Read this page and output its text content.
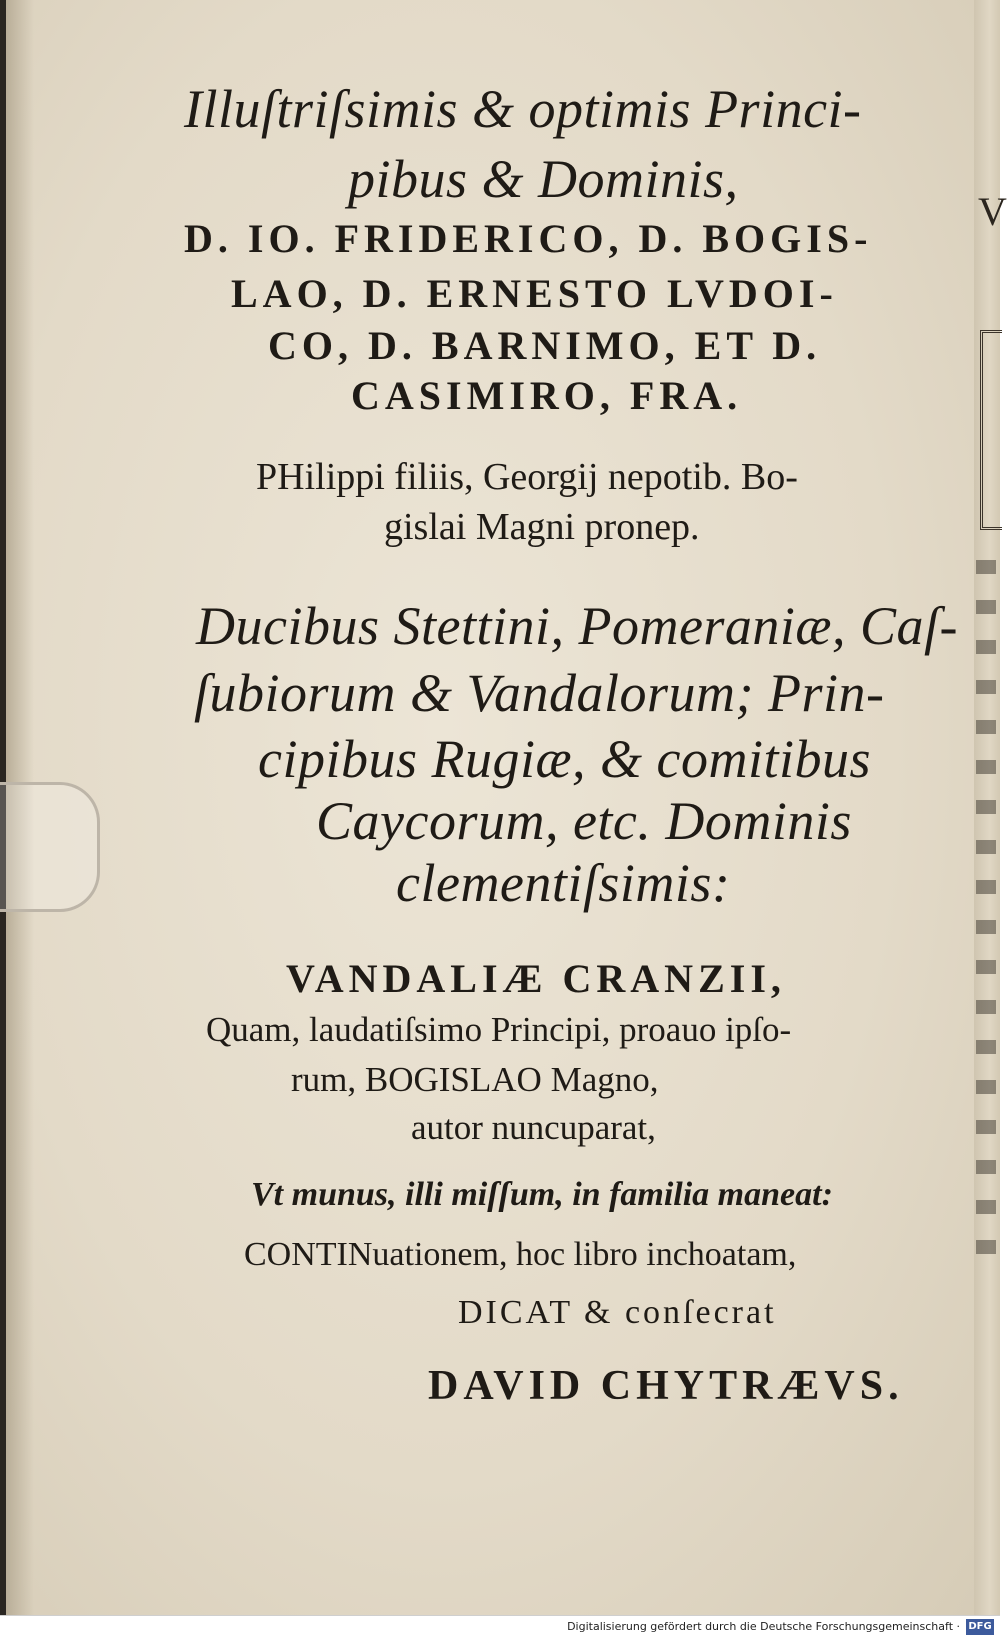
Illuſtriſsimis & optimis Princi-

pibus & Dominis,

D. IO. FRIDERICO, D. BOGIS-

LAO, D. ERNESTO LVDOI-

CO, D. BARNIMO, ET D.

CASIMIRO, FRA.

PHilippi filiis, Georgij nepotib. Bo-

gislai Magni pronep.

Ducibus Stettini, Pomeraniæ, Caſ-

ſubiorum & Vandalorum; Prin-

cipibus Rugiæ, & comitibus

Caycorum, etc. Dominis

clementiſsimis:

VANDALIÆ CRANZII,

Quam, laudatiſsimo Principi, proauo ipſo-

rum, BOGISLAO Magno,

autor nuncuparat,

Vt munus, illi miſſum, in familia maneat:

CONTINuationem, hoc libro inchoatam,

DICAT & conſecrat

DAVID CHYTRÆVS.

V
Digitalisierung gefördert durch die Deutsche Forschungsgemeinschaft · DFG
